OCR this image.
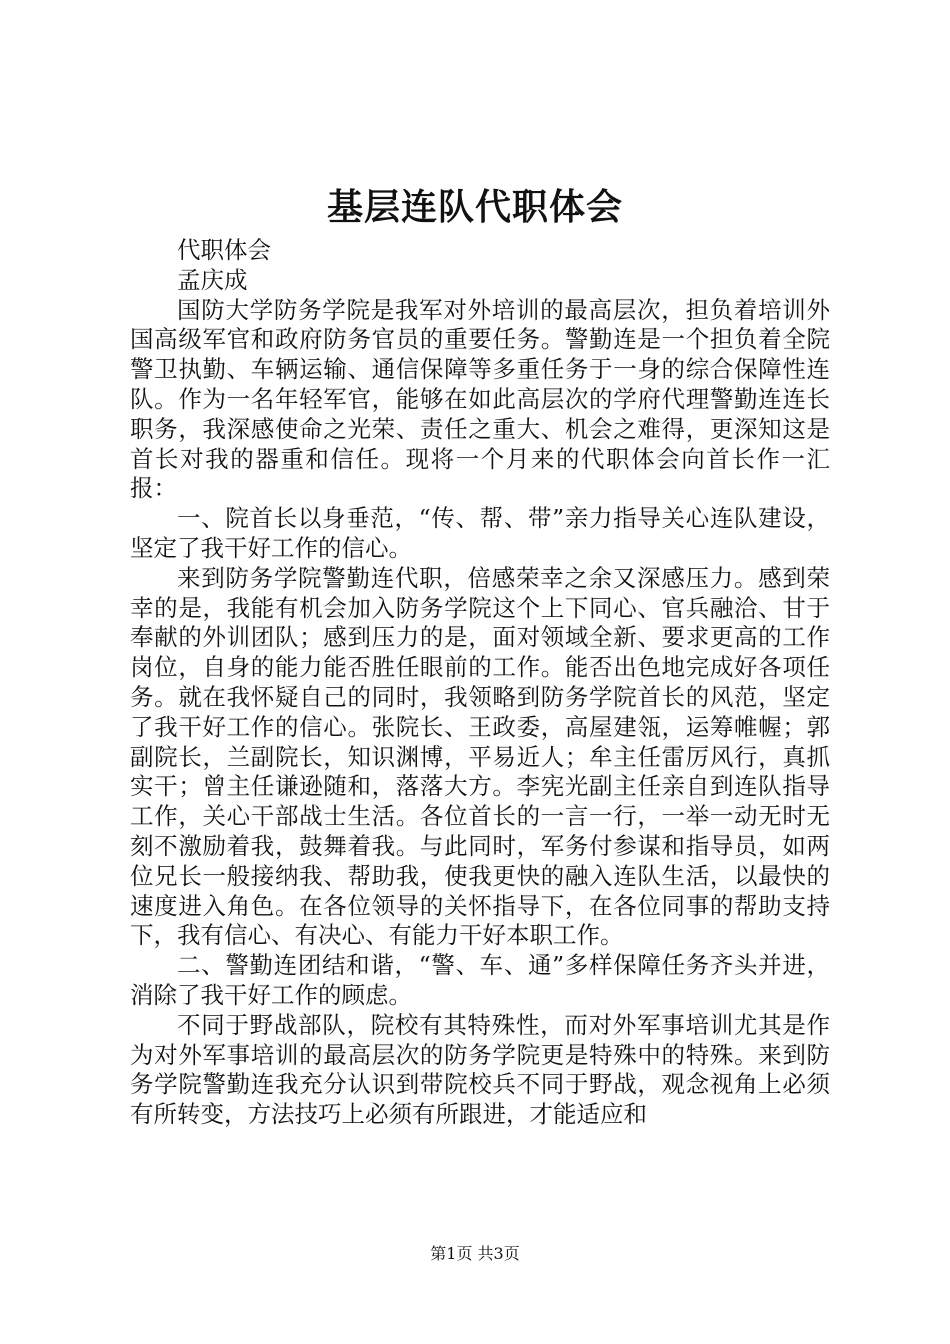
基层连队代职体会

代职体会

孟庆成

国防大学防务学院是我军对外培训的最高层次，担负着培训外国高级军官和政府防务官员的重要任务。警勤连是一个担负着全院警卫执勤、车辆运输、通信保障等多重任务于一身的综合保障性连队。作为一名年轻军官，能够在如此高层次的学府代理警勤连连长职务，我深感使命之光荣、责任之重大、机会之难得，更深知这是首长对我的器重和信任。现将一个月来的代职体会向首长作一汇报：

一、院首长以身垂范，“传、帮、带”亲力指导关心连队建设，坚定了我干好工作的信心。

来到防务学院警勤连代职，倍感荣幸之余又深感压力。感到荣幸的是，我能有机会加入防务学院这个上下同心、官兵融洽、甘于奉献的外训团队；感到压力的是，面对领域全新、要求更高的工作岗位，自身的能力能否胜任眼前的工作。能否出色地完成好各项任务。就在我怀疑自己的同时，我领略到防务学院首长的风范，坚定了我干好工作的信心。张院长、王政委，高屋建瓴，运筹帷幄；郭副院长，兰副院长，知识渊博，平易近人；牟主任雷厉风行，真抓实干；曾主任谦逊随和，落落大方。李宪光副主任亲自到连队指导工作，关心干部战士生活。各位首长的一言一行，一举一动无时无刻不激励着我，鼓舞着我。与此同时，军务付参谋和指导员，如两位兄长一般接纳我、帮助我，使我更快的融入连队生活，以最快的速度进入角色。在各位领导的关怀指导下，在各位同事的帮助支持下，我有信心、有决心、有能力干好本职工作。

二、警勤连团结和谐，“警、车、通”多样保障任务齐头并进，消除了我干好工作的顾虑。

不同于野战部队，院校有其特殊性，而对外军事培训尤其是作为对外军事培训的最高层次的防务学院更是特殊中的特殊。来到防务学院警勤连我充分认识到带院校兵不同于野战，观念视角上必须有所转变，方法技巧上必须有所跟进，才能适应和

第1页 共3页
